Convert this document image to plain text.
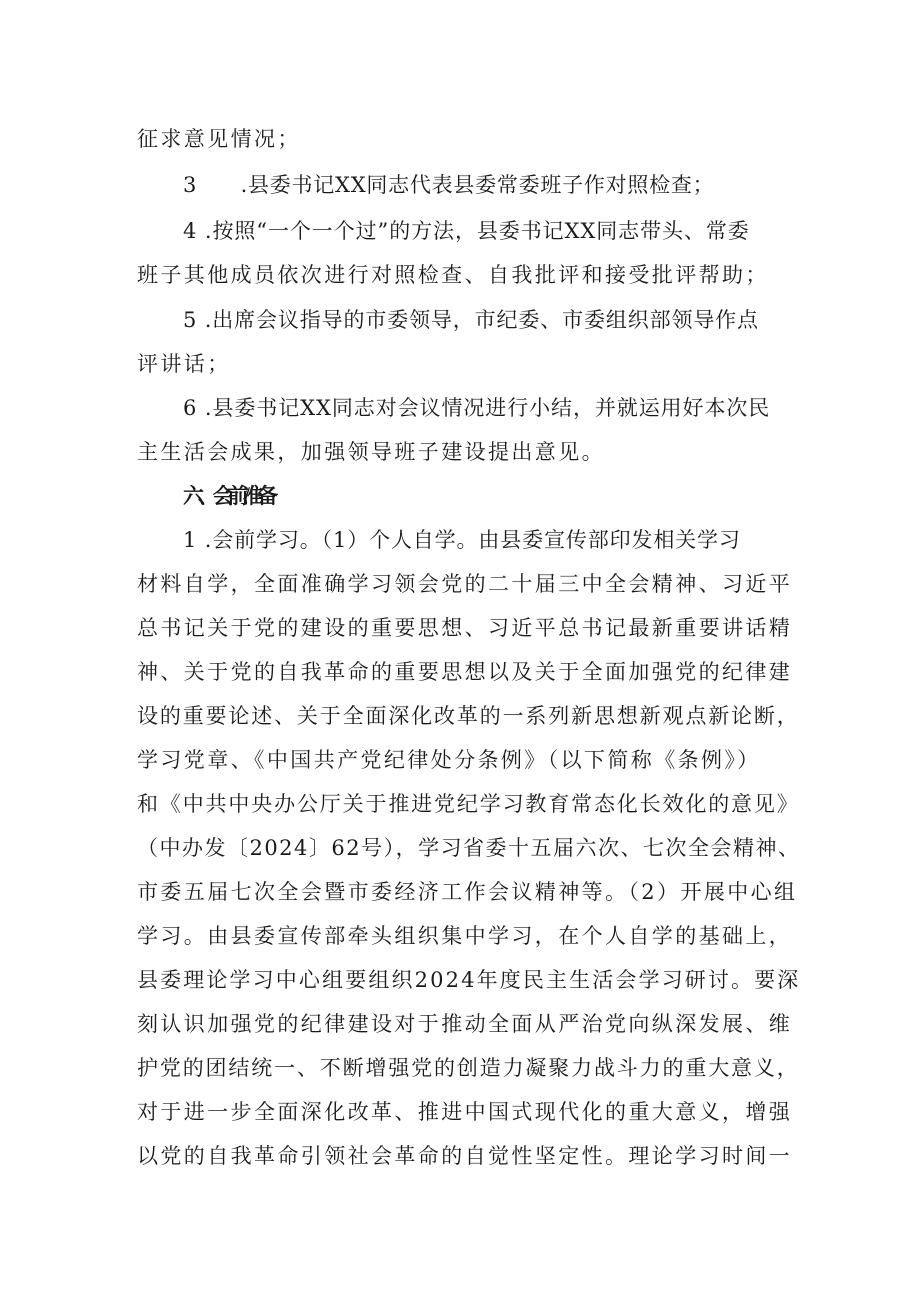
征求意见情况；
3　　.县委书记XX同志代表县委常委班子作对照检查；
4 .按照“一个一个过”的方法，县委书记XX同志带头、常委
班子其他成员依次进行对照检查、自我批评和接受批评帮助；
5 .出席会议指导的市委领导，市纪委、市委组织部领导作点
评讲话；
6 .县委书记XX同志对会议情况进行小结，并就运用好本次民
主生活会成果，加强领导班子建设提出意见。
六、会前准备
1 .会前学习。（1）个人自学。由县委宣传部印发相关学习
材料自学，全面准确学习领会党的二十届三中全会精神、习近平
总书记关于党的建设的重要思想、习近平总书记最新重要讲话精
神、关于党的自我革命的重要思想以及关于全面加强党的纪律建
设的重要论述、关于全面深化改革的一系列新思想新观点新论断，
学习党章、《中国共产党纪律处分条例》（以下简称《条例》）
和《中共中央办公厅关于推进党纪学习教育常态化长效化的意见》
（中办发〔2024〕62号），学习省委十五届六次、七次全会精神、
市委五届七次全会暨市委经济工作会议精神等。（2）开展中心组
学习。由县委宣传部牵头组织集中学习，在个人自学的基础上，
县委理论学习中心组要组织2024年度民主生活会学习研讨。要深
刻认识加强党的纪律建设对于推动全面从严治党向纵深发展、维
护党的团结统一、不断增强党的创造力凝聚力战斗力的重大意义，
对于进一步全面深化改革、推进中国式现代化的重大意义，增强
以党的自我革命引领社会革命的自觉性坚定性。理论学习时间一
